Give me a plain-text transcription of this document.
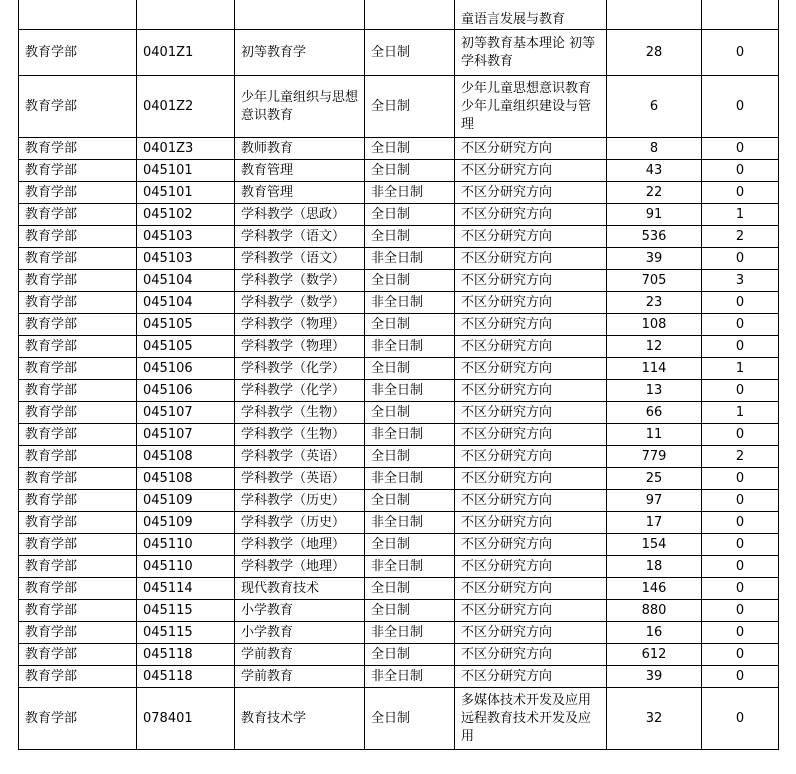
				童语言发展与教育		
教育学部	0401Z1	初等教育学	全日制	初等教育基本理论 初等学科教育	28	0
教育学部	0401Z2	少年儿童组织与思想意识教育	全日制	少年儿童思想意识教育 少年儿童组织建设与管理	6	0
教育学部	0401Z3	教师教育	全日制	不区分研究方向	8	0
教育学部	045101	教育管理	全日制	不区分研究方向	43	0
教育学部	045101	教育管理	非全日制	不区分研究方向	22	0
教育学部	045102	学科教学（思政）	全日制	不区分研究方向	91	1
教育学部	045103	学科教学（语文）	全日制	不区分研究方向	536	2
教育学部	045103	学科教学（语文）	非全日制	不区分研究方向	39	0
教育学部	045104	学科教学（数学）	全日制	不区分研究方向	705	3
教育学部	045104	学科教学（数学）	非全日制	不区分研究方向	23	0
教育学部	045105	学科教学（物理）	全日制	不区分研究方向	108	0
教育学部	045105	学科教学（物理）	非全日制	不区分研究方向	12	0
教育学部	045106	学科教学（化学）	全日制	不区分研究方向	114	1
教育学部	045106	学科教学（化学）	非全日制	不区分研究方向	13	0
教育学部	045107	学科教学（生物）	全日制	不区分研究方向	66	1
教育学部	045107	学科教学（生物）	非全日制	不区分研究方向	11	0
教育学部	045108	学科教学（英语）	全日制	不区分研究方向	779	2
教育学部	045108	学科教学（英语）	非全日制	不区分研究方向	25	0
教育学部	045109	学科教学（历史）	全日制	不区分研究方向	97	0
教育学部	045109	学科教学（历史）	非全日制	不区分研究方向	17	0
教育学部	045110	学科教学（地理）	全日制	不区分研究方向	154	0
教育学部	045110	学科教学（地理）	非全日制	不区分研究方向	18	0
教育学部	045114	现代教育技术	全日制	不区分研究方向	146	0
教育学部	045115	小学教育	全日制	不区分研究方向	880	0
教育学部	045115	小学教育	非全日制	不区分研究方向	16	0
教育学部	045118	学前教育	全日制	不区分研究方向	612	0
教育学部	045118	学前教育	非全日制	不区分研究方向	39	0
教育学部	078401	教育技术学	全日制	多媒体技术开发及应用 远程教育技术开发及应用	32	0
